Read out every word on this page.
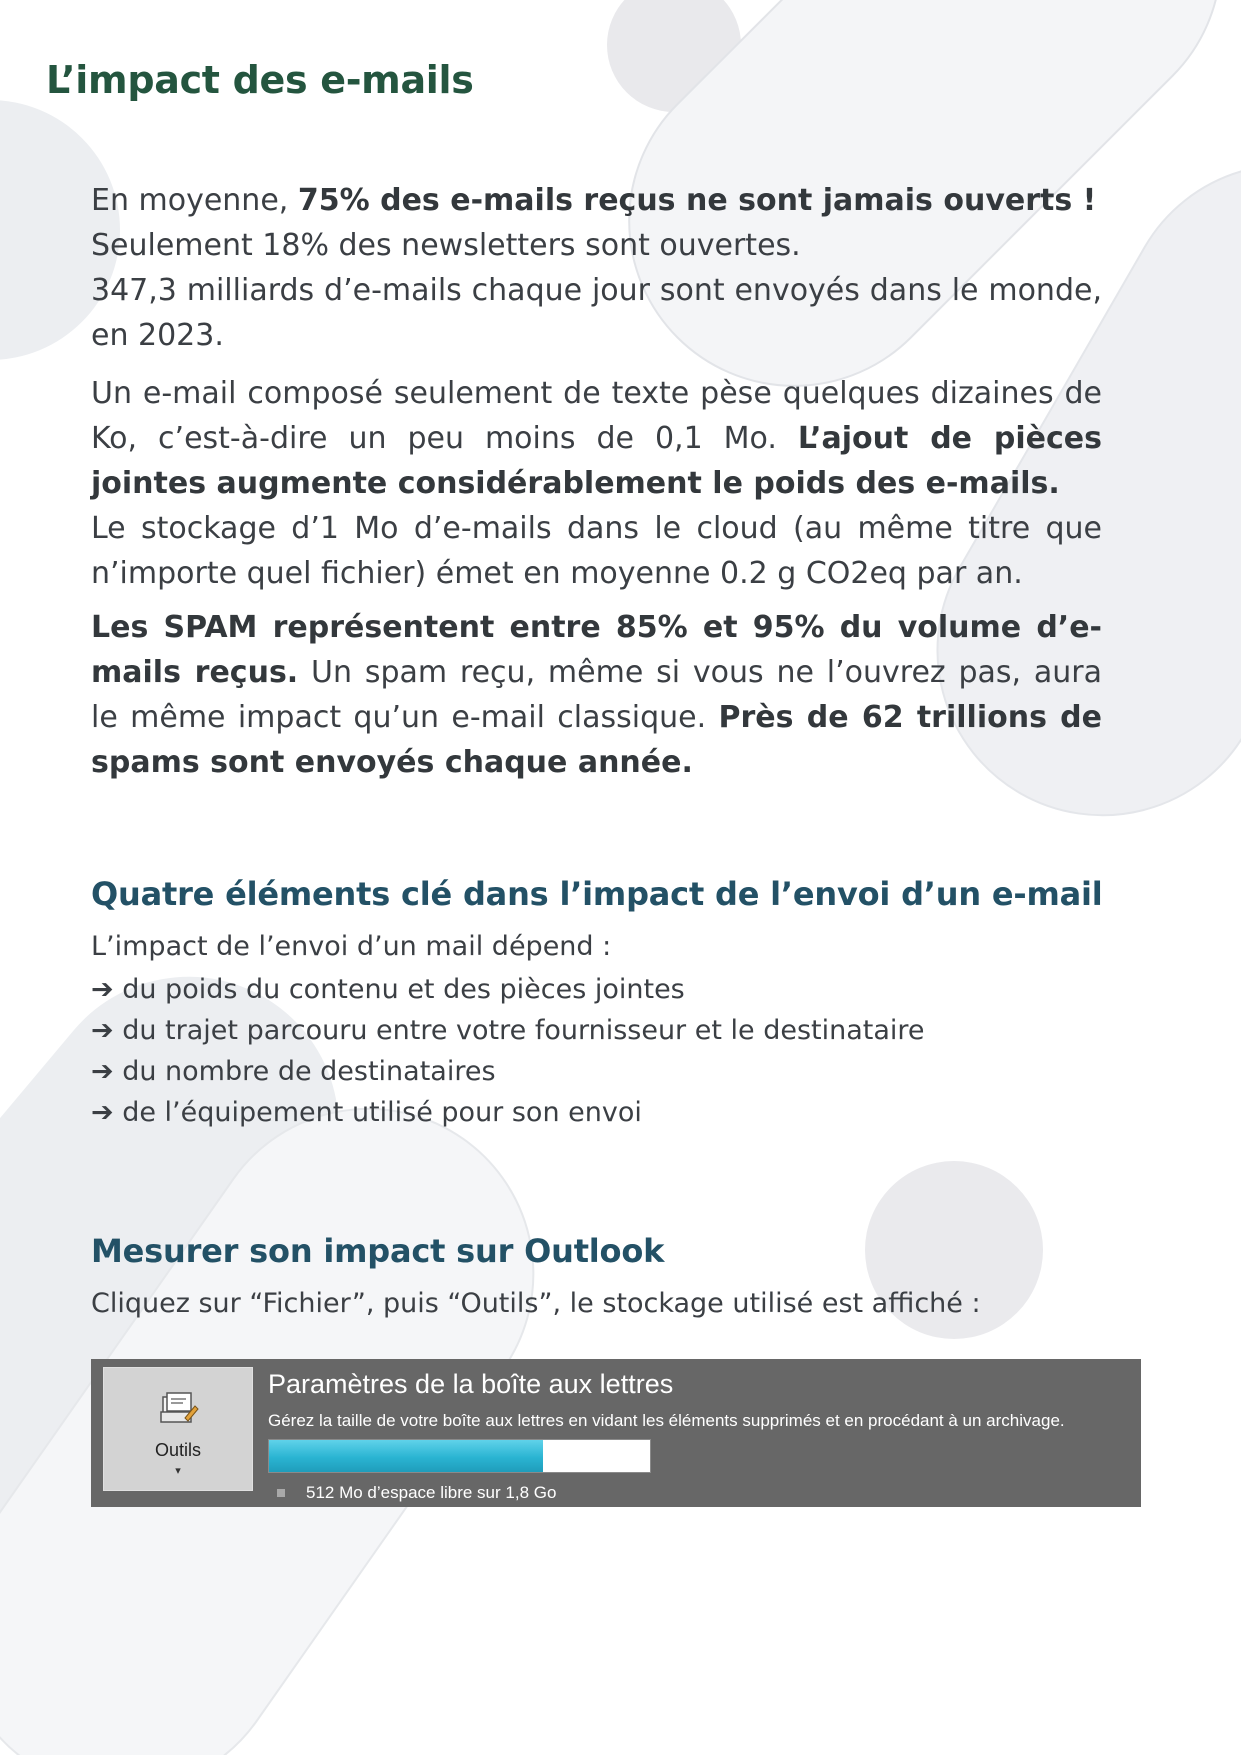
L’impact des e-mails

En moyenne, 75% des e-mails reçus ne sont jamais ouverts !
Seulement 18% des newsletters sont ouvertes.
347,3 milliards d’e-mails chaque jour sont envoyés dans le monde, en 2023.

Un e-mail composé seulement de texte pèse quelques dizaines de Ko, c’est-à-dire un peu moins de 0,1 Mo. L’ajout de pièces jointes augmente considérablement le poids des e-mails.
Le stockage d’1 Mo d’e-mails dans le cloud (au même titre que n’importe quel fichier) émet en moyenne 0.2 g CO2eq par an.

Les SPAM représentent entre 85% et 95% du volume d’e-mails reçus. Un spam reçu, même si vous ne l’ouvrez pas, aura le même impact qu’un e-mail classique. Près de 62 trillions de spams sont envoyés chaque année.

Quatre éléments clé dans l’impact de l’envoi d’un e-mail

L’impact de l’envoi d’un mail dépend :

➔ du poids du contenu et des pièces jointes
➔ du trajet parcouru entre votre fournisseur et le destinataire
➔ du nombre de destinataires
➔ de l’équipement utilisé pour son envoi
Mesurer son impact sur Outlook

Cliquez sur “Fichier”, puis “Outils”, le stockage utilisé est affiché :

Outils
▾

Paramètres de la boîte aux lettres

Gérez la taille de votre boîte aux lettres en vidant les éléments supprimés et en procédant à un archivage.

512 Mo d’espace libre sur 1,8 Go
